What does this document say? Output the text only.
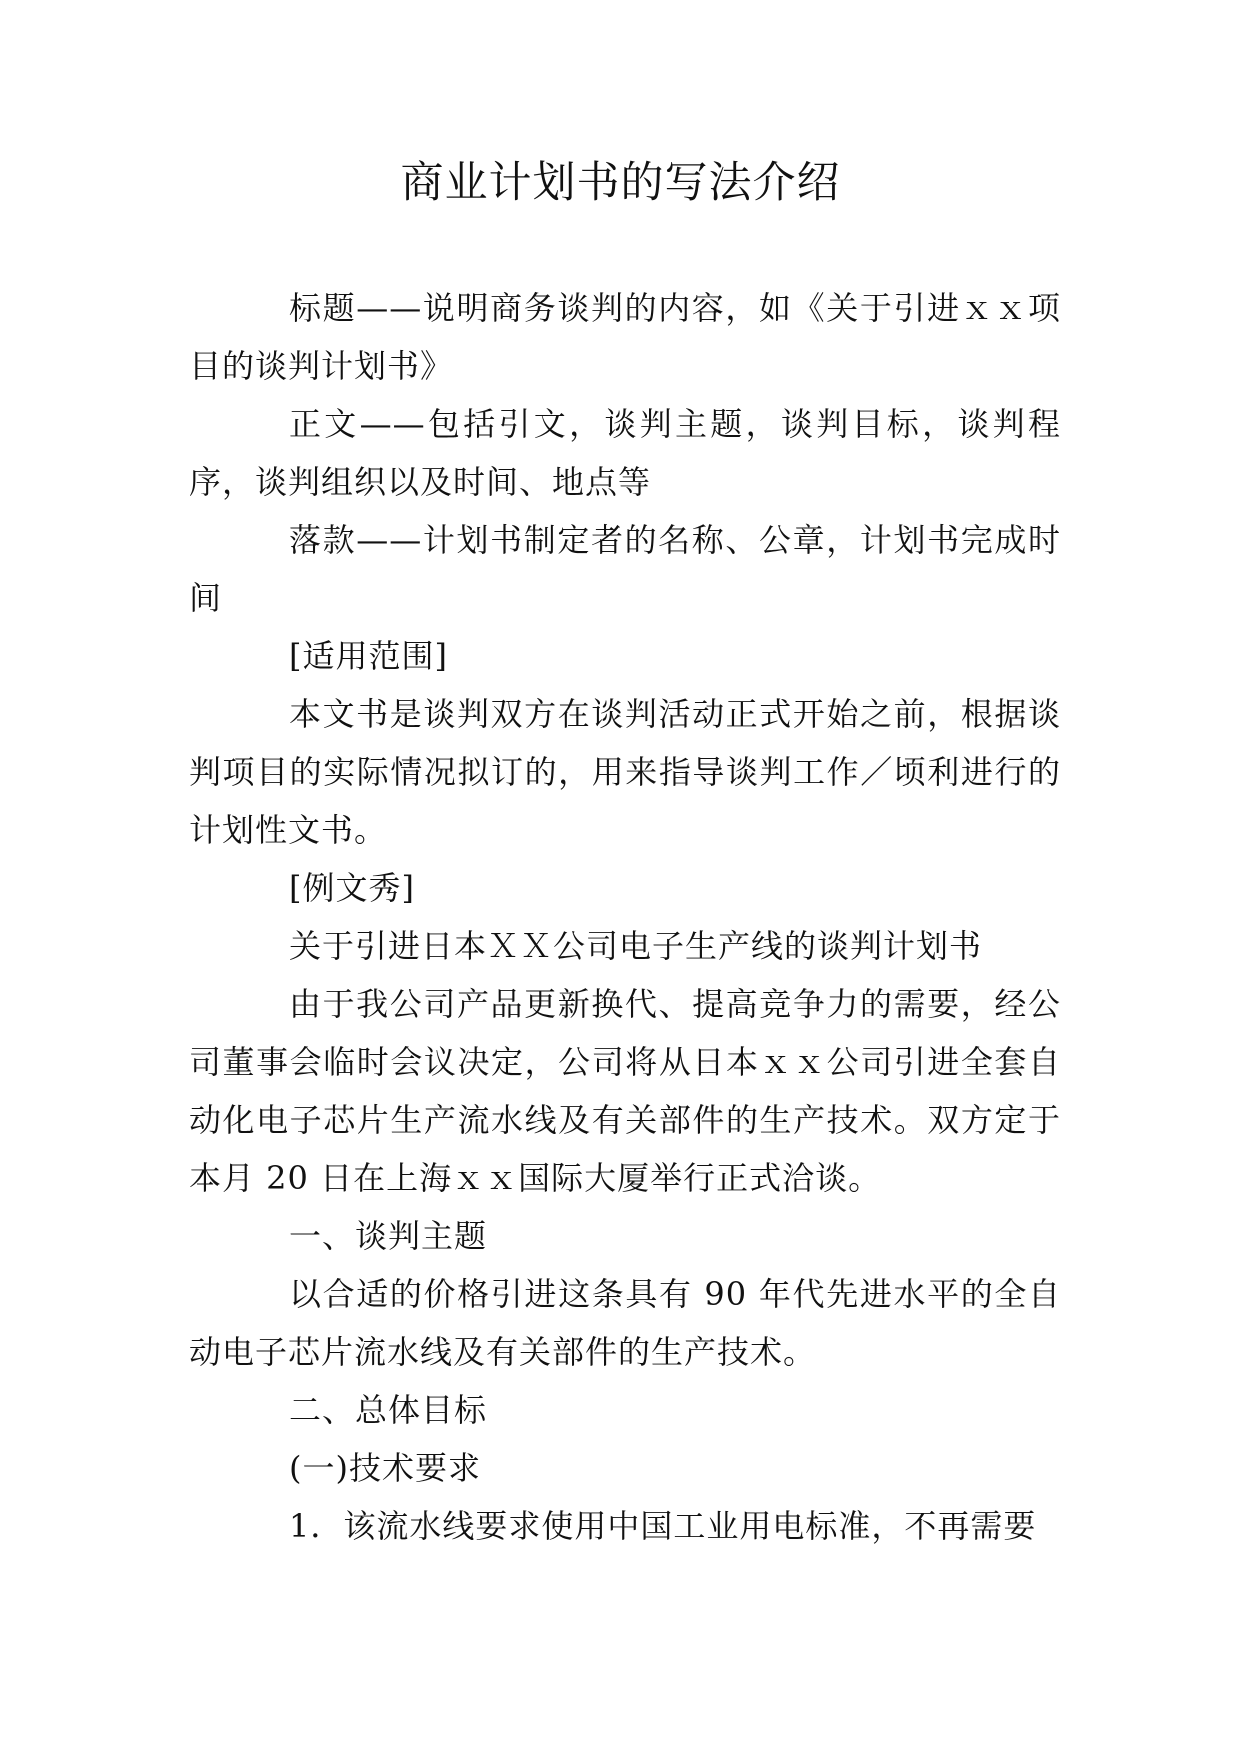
商业计划书的写法介绍

标题——说明商务谈判的内容，如《关于引进ｘｘ项目的谈判计划书》

正文——包括引文，谈判主题，谈判目标，谈判程序，谈判组织以及时间、地点等

落款——计划书制定者的名称、公章，计划书完成时间

[适用范围]

本文书是谈判双方在谈判活动正式开始之前，根据谈判项目的实际情况拟订的，用来指导谈判工作／顷利进行的计划性文书。

[例文秀]

关于引进日本ＸＸ公司电子生产线的谈判计划书

由于我公司产品更新换代、提高竞争力的需要，经公司董事会临时会议决定，公司将从日本ｘｘ公司引进全套自动化电子芯片生产流水线及有关部件的生产技术。双方定于本月 20 日在上海ｘｘ国际大厦举行正式洽谈。

一、谈判主题

以合适的价格引进这条具有 90 年代先进水平的全自动电子芯片流水线及有关部件的生产技术。

二、总体目标

(一)技术要求

1．该流水线要求使用中国工业用电标准，不再需要
